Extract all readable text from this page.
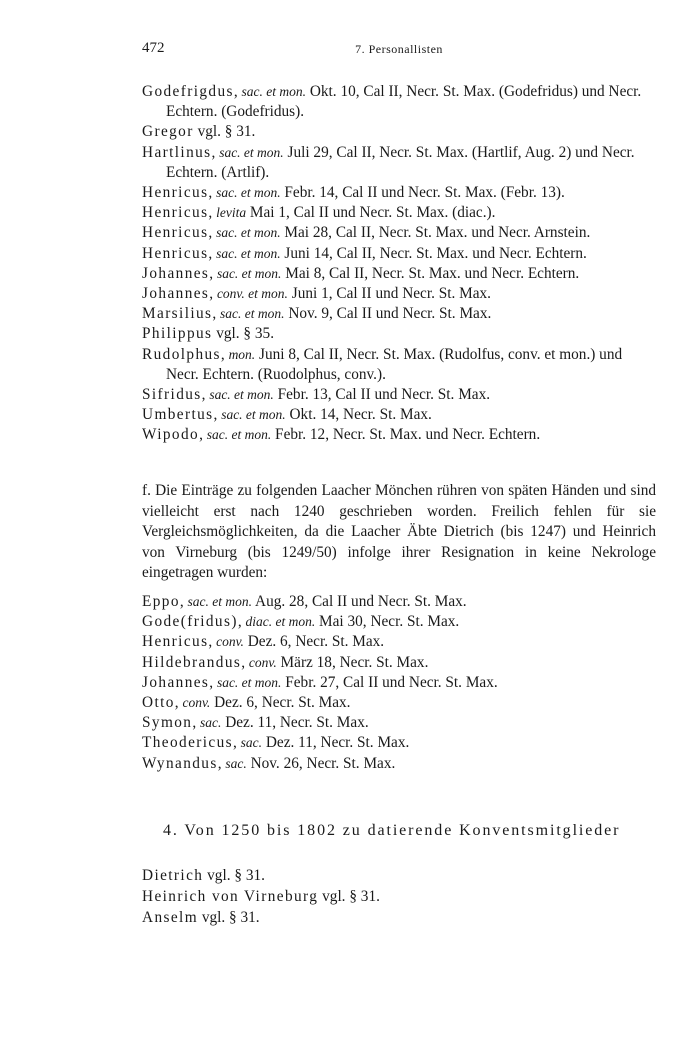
472	7. Personallisten
Godefrigdus, sac. et mon. Okt. 10, Cal II, Necr. St. Max. (Godefridus) und Necr. Echtern. (Godefridus).
Gregor vgl. § 31.
Hartlinus, sac. et mon. Juli 29, Cal II, Necr. St. Max. (Hartlif, Aug. 2) und Necr. Echtern. (Artlif).
Henricus, sac. et mon. Febr. 14, Cal II und Necr. St. Max. (Febr. 13).
Henricus, levita Mai 1, Cal II und Necr. St. Max. (diac.).
Henricus, sac. et mon. Mai 28, Cal II, Necr. St. Max. und Necr. Arnstein.
Henricus, sac. et mon. Juni 14, Cal II, Necr. St. Max. und Necr. Echtern.
Johannes, sac. et mon. Mai 8, Cal II, Necr. St. Max. und Necr. Echtern.
Johannes, conv. et mon. Juni 1, Cal II und Necr. St. Max.
Marsilius, sac. et mon. Nov. 9, Cal II und Necr. St. Max.
Philippus vgl. § 35.
Rudolphus, mon. Juni 8, Cal II, Necr. St. Max. (Rudolfus, conv. et mon.) und Necr. Echtern. (Ruodolphus, conv.).
Sifridus, sac. et mon. Febr. 13, Cal II und Necr. St. Max.
Umbertus, sac. et mon. Okt. 14, Necr. St. Max.
Wipodo, sac. et mon. Febr. 12, Necr. St. Max. und Necr. Echtern.
f. Die Einträge zu folgenden Laacher Mönchen rühren von späten Händen und sind vielleicht erst nach 1240 geschrieben worden. Freilich fehlen für sie Vergleichsmöglichkeiten, da die Laacher Äbte Dietrich (bis 1247) und Heinrich von Virneburg (bis 1249/50) infolge ihrer Resignation in keine Nekrologe eingetragen wurden:
Eppo, sac. et mon. Aug. 28, Cal II und Necr. St. Max.
Gode(fridus), diac. et mon. Mai 30, Necr. St. Max.
Henricus, conv. Dez. 6, Necr. St. Max.
Hildebrandus, conv. März 18, Necr. St. Max.
Johannes, sac. et mon. Febr. 27, Cal II und Necr. St. Max.
Otto, conv. Dez. 6, Necr. St. Max.
Symon, sac. Dez. 11, Necr. St. Max.
Theodericus, sac. Dez. 11, Necr. St. Max.
Wynandus, sac. Nov. 26, Necr. St. Max.
4. Von 1250 bis 1802 zu datierende Konventsmitglieder
Dietrich vgl. § 31.
Heinrich von Virneburg vgl. § 31.
Anselm vgl. § 31.
